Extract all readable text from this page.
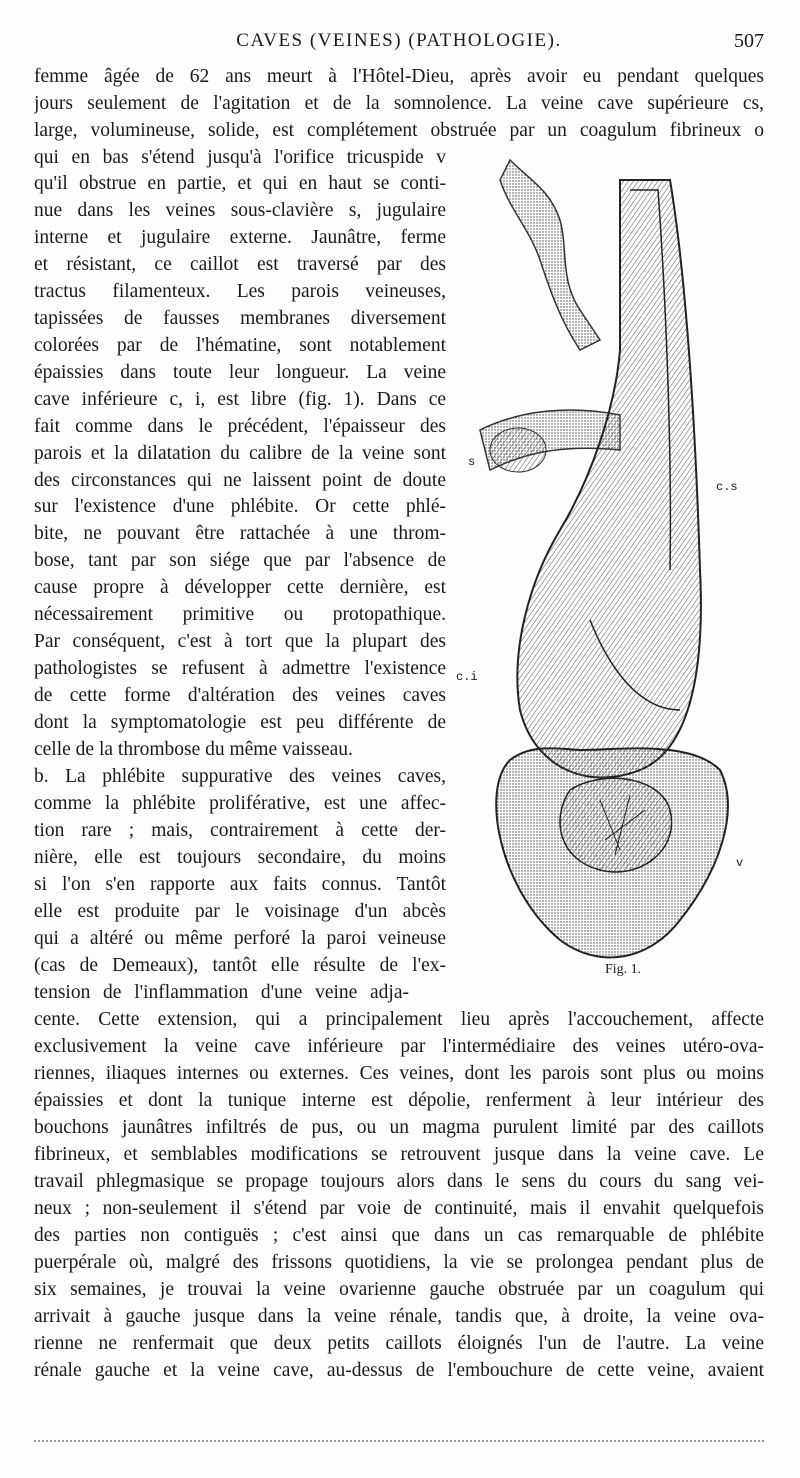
CAVES (VEINES) (PATHOLOGIE).	507
femme âgée de 62 ans meurt à l'Hôtel-Dieu, après avoir eu pendant quelques
jours seulement de l'agitation et de la somnolence. La veine cave supérieure cs,
large, volumineuse, solide, est complétement obstruée par un coagulum fibrineux o
qui en bas s'étend jusqu'à l'orifice tricuspide v
qu'il obstrue en partie, et qui en haut se conti-
nue dans les veines sous-clavière s, jugulaire
interne et jugulaire externe. Jaunâtre, ferme
et résistant, ce caillot est traversé par des
tractus filamenteux. Les parois veineuses,
tapissées de fausses membranes diversement
colorées par de l'hématine, sont notablement
épaissies dans toute leur longueur. La veine
cave inférieure c, i, est libre (fig. 1). Dans ce
fait comme dans le précédent, l'épaisseur des
parois et la dilatation du calibre de la veine sont
des circonstances qui ne laissent point de doute
sur l'existence d'une phlébite. Or cette phlé-
bite, ne pouvant être rattachée à une throm-
bose, tant par son siége que par l'absence de
cause propre à développer cette dernière, est
nécessairement primitive ou protopathique.
Par conséquent, c'est à tort que la plupart des
pathologistes se refusent à admettre l'existence
de cette forme d'altération des veines caves
dont la symptomatologie est peu différente de
celle de la thrombose du même vaisseau.
b. La phlébite suppurative des veines caves,
comme la phlébite proliférative, est une affec-
tion rare ; mais, contrairement à cette der-
nière, elle est toujours secondaire, du moins
si l'on s'en rapporte aux faits connus. Tantôt
elle est produite par le voisinage d'un abcès
qui a altéré ou même perforé la paroi veineuse
(cas de Demeaux), tantôt elle résulte de l'ex-
tension de l'inflammation d'une veine adja-
cente. Cette extension, qui a principalement lieu après l'accouchement, affecte
exclusivement la veine cave inférieure par l'intermédiaire des veines utéro-ova-
riennes, iliaques internes ou externes. Ces veines, dont les parois sont plus ou moins
épaissies et dont la tunique interne est dépolie, renferment à leur intérieur des
bouchons jaunâtres infiltrés de pus, ou un magma purulent limité par des caillots
fibrineux, et semblables modifications se retrouvent jusque dans la veine cave. Le
travail phlegmasique se propage toujours alors dans le sens du cours du sang vei-
neux ; non-seulement il s'étend par voie de continuité, mais il envahit quelquefois
des parties non contiguës ; c'est ainsi que dans un cas remarquable de phlébite
puerpérale où, malgré des frissons quotidiens, la vie se prolongea pendant plus de
six semaines, je trouvai la veine ovarienne gauche obstruée par un coagulum qui
arrivait à gauche jusque dans la veine rénale, tandis que, à droite, la veine ova-
rienne ne renfermait que deux petits caillots éloignés l'un de l'autre. La veine
rénale gauche et la veine cave, au-dessus de l'embouchure de cette veine, avaient
s
c.s
c.i
v
Fig. 1.
